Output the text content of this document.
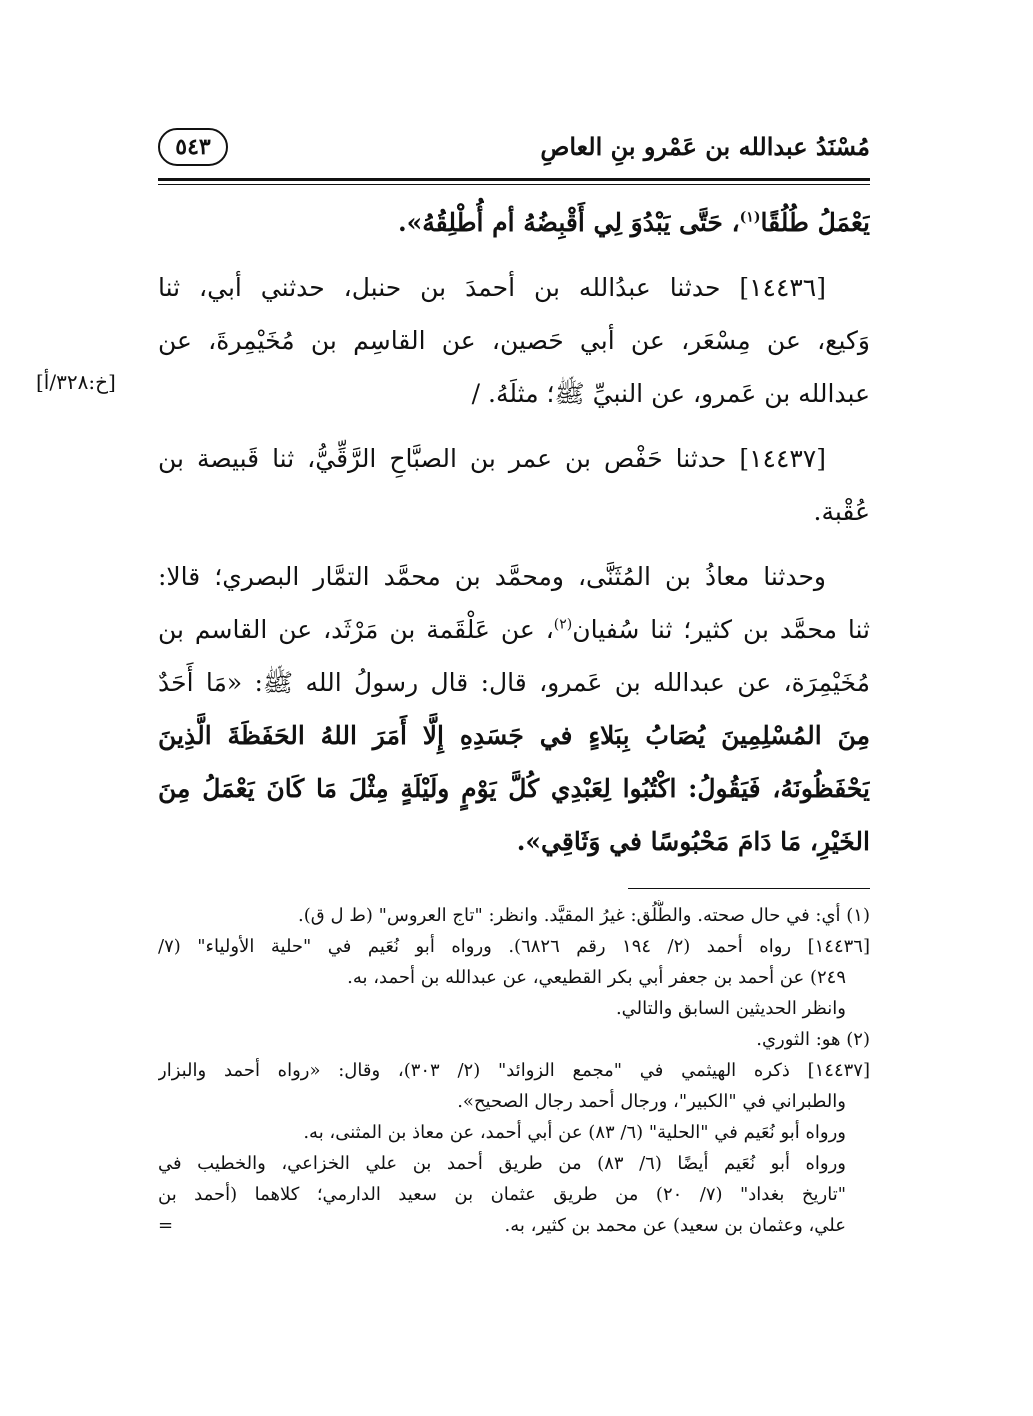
مُسْنَدُ عبدالله بن عَمْرو بنِ العاصِ
٥٤٣
يَعْمَلُ طُلُقًا$^{(١)}$، حَتَّى يَبْدُوَ لِي أَقْبِضُهُ أم أُطْلِقُهُ».
[١٤٤٣٦] حدثنا عبدُالله بن أحمدَ بن حنبل، حدثني أبي، ثنا
وَكيع، عن مِسْعَر، عن أبي حَصين، عن القاسِم بن مُخَيْمِرةَ، عن
عبدالله بن عَمرو، عن النبيِّ ﷺ؛ مثلَهُ. /
[١٤٤٣٧] حدثنا حَفْص بن عمر بن الصبَّاحِ الرَّقِّيُّ، ثنا قَبيصة بن
عُقْبة.
وحدثنا معاذُ بن المُثَنَّى، ومحمَّد بن محمَّد التمَّار البصري؛ قالا:
ثنا محمَّد بن كثير؛ ثنا سُفيان$^{(٢)}$، عن عَلْقَمة بن مَرْثَد، عن القاسم بن
مُخَيْمِرَة، عن عبدالله بن عَمرو، قال: قال رسولُ الله ﷺ: «مَا أَحَدٌ
مِنَ المُسْلِمِينَ يُصَابُ بِبَلاءٍ في جَسَدِهِ إِلَّا أَمَرَ اللهُ الحَفَظَةَ الَّذِينَ
يَحْفَظُونَهُ، فَيَقُولُ: اكْتُبُوا لِعَبْدِي كُلَّ يَوْمٍ ولَيْلَةٍ مِثْلَ مَا كَانَ يَعْمَلُ مِنَ
الخَيْرِ، مَا دَامَ مَحْبُوسًا في وَثَاقِي».
[خ:٣٢٨/أ]
(١) أي: في حال صحته. والطُّلُق: غيرُ المقيَّد. وانظر: "تاج العروس" (ط ل ق).
[١٤٤٣٦] رواه أحمد (٢/ ١٩٤ رقم ٦٨٢٦). ورواه أبو نُعَيم في "حلية الأولياء" (٧/
٢٤٩) عن أحمد بن جعفر أبي بكر القطيعي، عن عبدالله بن أحمد، به.
وانظر الحديثين السابق والتالي.
(٢) هو: الثوري.
[١٤٤٣٧] ذكره الهيثمي في "مجمع الزوائد" (٢/ ٣٠٣)، وقال: «رواه أحمد والبزار
والطبراني في "الكبير"، ورجال أحمد رجال الصحيح».
ورواه أبو نُعَيم في "الحلية" (٦/ ٨٣) عن أبي أحمد، عن معاذ بن المثنى، به.
ورواه أبو نُعَيم أيضًا (٦/ ٨٣) من طريق أحمد بن علي الخزاعي، والخطيب في
"تاريخ بغداد" (٧/ ٢٠) من طريق عثمان بن سعيد الدارمي؛ كلاهما (أحمد بن
علي، وعثمان بن سعيد) عن محمد بن كثير، به.
=
